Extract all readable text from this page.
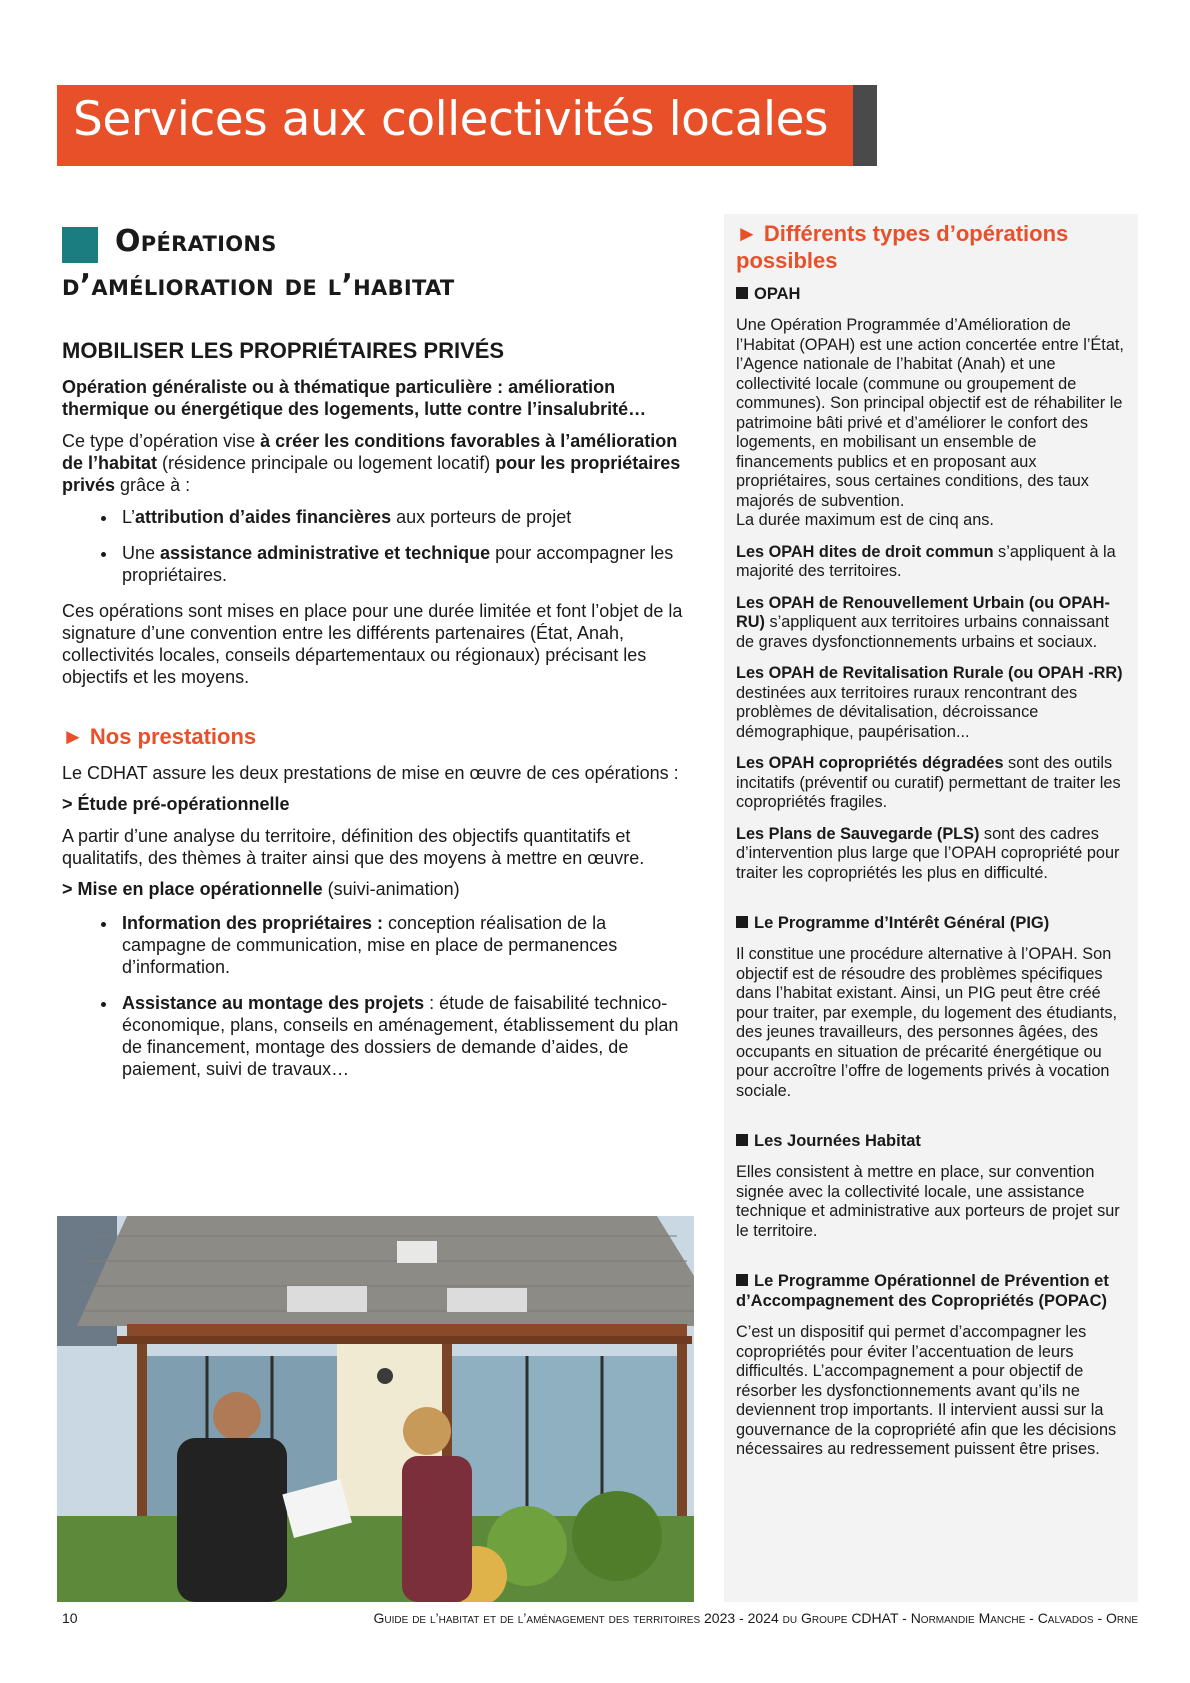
Services aux collectivités locales
Opérations
d’amélioration de l’habitat
MOBILISER LES PROPRIÉTAIRES PRIVÉS

Opération généraliste ou à thématique particulière : amélioration thermique ou énergétique des logements, lutte contre l’insalubrité…

Ce type d’opération vise à créer les conditions favorables à l’amélioration de l’habitat (résidence principale ou logement locatif) pour les propriétaires privés grâce à :

• L’attribution d’aides financières aux porteurs de projet
• Une assistance administrative et technique pour accompagner les propriétaires.

Ces opérations sont mises en place pour une durée limitée et font l’objet de la signature d’une convention entre les différents partenaires (État, Anah, collectivités locales, conseils départementaux ou régionaux) précisant les objectifs et les moyens.

► Nos prestations

Le CDHAT assure les deux prestations de mise en œuvre de ces opérations :

> Étude pré-opérationnelle

A partir d’une analyse du territoire, définition des objectifs quantitatifs et qualitatifs, des thèmes à traiter ainsi que des moyens à mettre en œuvre.

> Mise en place opérationnelle (suivi-animation)
• Information des propriétaires : conception réalisation de la campagne de communication, mise en place de permanences d’information.
• Assistance au montage des projets : étude de faisabilité technico-économique, plans, conseils en aménagement, établissement du plan de financement, montage des dossiers de demande d’aides, de paiement, suivi de travaux…
► Différents types d’opérations possibles
OPAH

Une Opération Programmée d’Amélioration de l’Habitat (OPAH) est une action concertée entre l’État, l’Agence nationale de l’habitat (Anah) et une collectivité locale (commune ou groupement de communes). Son principal objectif est de réhabiliter le patrimoine bâti privé et d’améliorer le confort des logements, en mobilisant un ensemble de financements publics et en proposant aux propriétaires, sous certaines conditions, des taux majorés de subvention.
La durée maximum est de cinq ans.

Les OPAH dites de droit commun s’appliquent à la majorité des territoires.

Les OPAH de Renouvellement Urbain (ou OPAH-RU) s’appliquent aux territoires urbains connaissant de graves dysfonctionnements urbains et sociaux.

Les OPAH de Revitalisation Rurale (ou OPAH -RR) destinées aux territoires ruraux rencontrant des problèmes de dévitalisation, décroissance démographique, paupérisation...

Les OPAH copropriétés dégradées sont des outils incitatifs (préventif ou curatif) permettant de traiter les copropriétés fragiles.

Les Plans de Sauvegarde (PLS) sont des cadres d’intervention plus large que l’OPAH copropriété pour traiter les copropriétés les plus en difficulté.

Le Programme d’Intérêt Général (PIG)

Il constitue une procédure alternative à l’OPAH. Son objectif est de résoudre des problèmes spécifiques dans l’habitat existant. Ainsi, un PIG peut être créé pour traiter, par exemple, du logement des étudiants, des jeunes travailleurs, des personnes âgées, des occupants en situation de précarité énergétique ou pour accroître l’offre de logements privés à vocation sociale.

Les Journées Habitat

Elles consistent à mettre en place, sur convention signée avec la collectivité locale, une assistance technique et administrative aux porteurs de projet sur le territoire.

Le Programme Opérationnel de Prévention et d’Accompagnement des Copropriétés (POPAC)

C’est un dispositif qui permet d’accompagner les copropriétés pour éviter l’accentuation de leurs difficultés. L’accompagnement a pour objectif de résorber les dysfonctionnements avant qu’ils ne deviennent trop importants. Il intervient aussi sur la gouvernance de la copropriété afin que les décisions nécessaires au redressement puissent être prises.

10	Guide de l’habitat et de l’aménagement des territoires 2023 - 2024 du Groupe CDHAT - Normandie Manche - Calvados - Orne
